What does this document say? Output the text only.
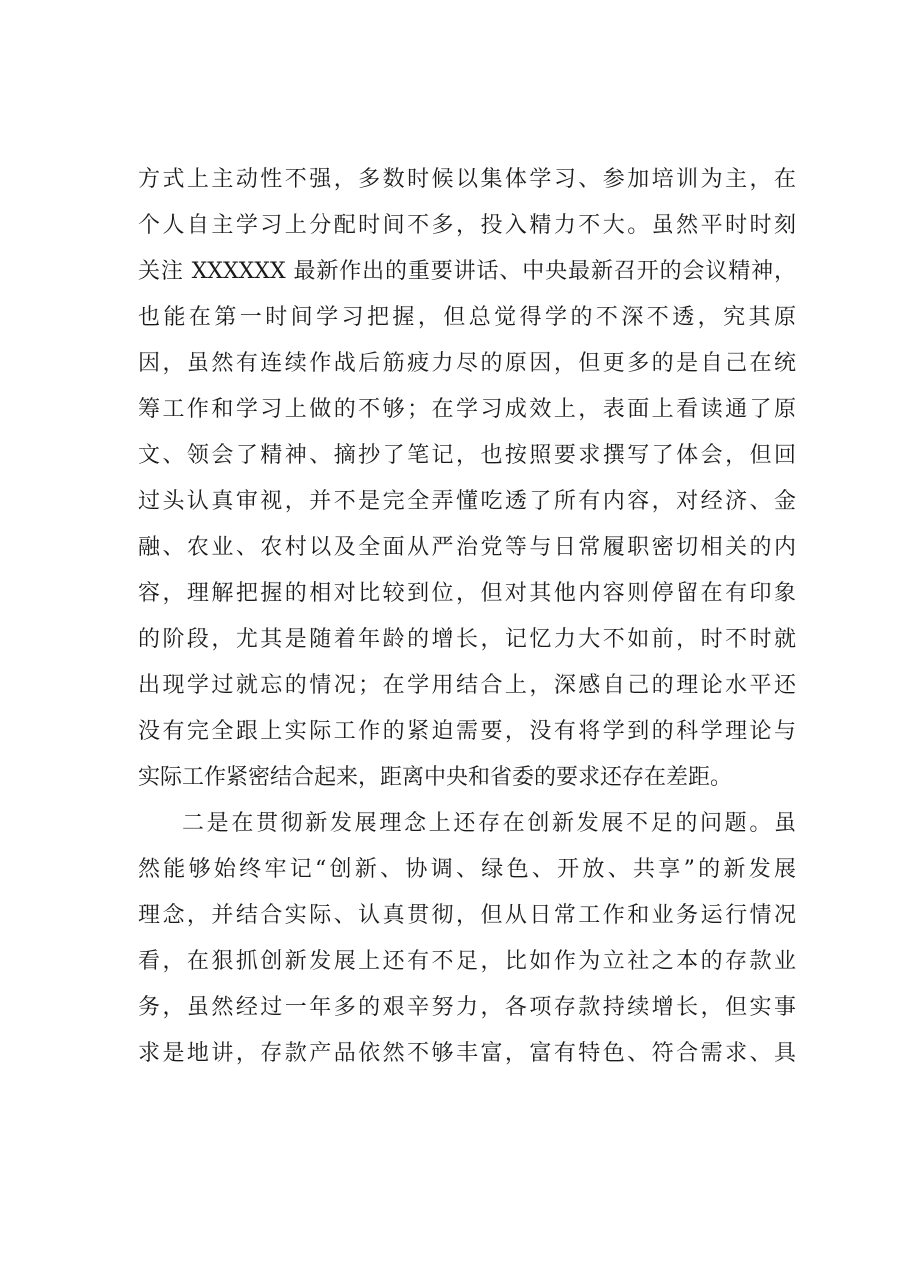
方式上主动性不强，多数时候以集体学习、参加培训为主，在
个人自主学习上分配时间不多，投入精力不大。虽然平时时刻
关注 XXXXXX 最新作出的重要讲话、中央最新召开的会议精神，
也能在第一时间学习把握，但总觉得学的不深不透，究其原
因，虽然有连续作战后筋疲力尽的原因，但更多的是自己在统
筹工作和学习上做的不够；在学习成效上，表面上看读通了原
文、领会了精神、摘抄了笔记，也按照要求撰写了体会，但回
过头认真审视，并不是完全弄懂吃透了所有内容，对经济、金
融、农业、农村以及全面从严治党等与日常履职密切相关的内
容，理解把握的相对比较到位，但对其他内容则停留在有印象
的阶段，尤其是随着年龄的增长，记忆力大不如前，时不时就
出现学过就忘的情况；在学用结合上，深感自己的理论水平还
没有完全跟上实际工作的紧迫需要，没有将学到的科学理论与
实际工作紧密结合起来，距离中央和省委的要求还存在差距。
二是在贯彻新发展理念上还存在创新发展不足的问题。虽
然能够始终牢记“创新、协调、绿色、开放、共享”的新发展
理念，并结合实际、认真贯彻，但从日常工作和业务运行情况
看，在狠抓创新发展上还有不足，比如作为立社之本的存款业
务，虽然经过一年多的艰辛努力，各项存款持续增长，但实事
求是地讲，存款产品依然不够丰富，富有特色、符合需求、具
